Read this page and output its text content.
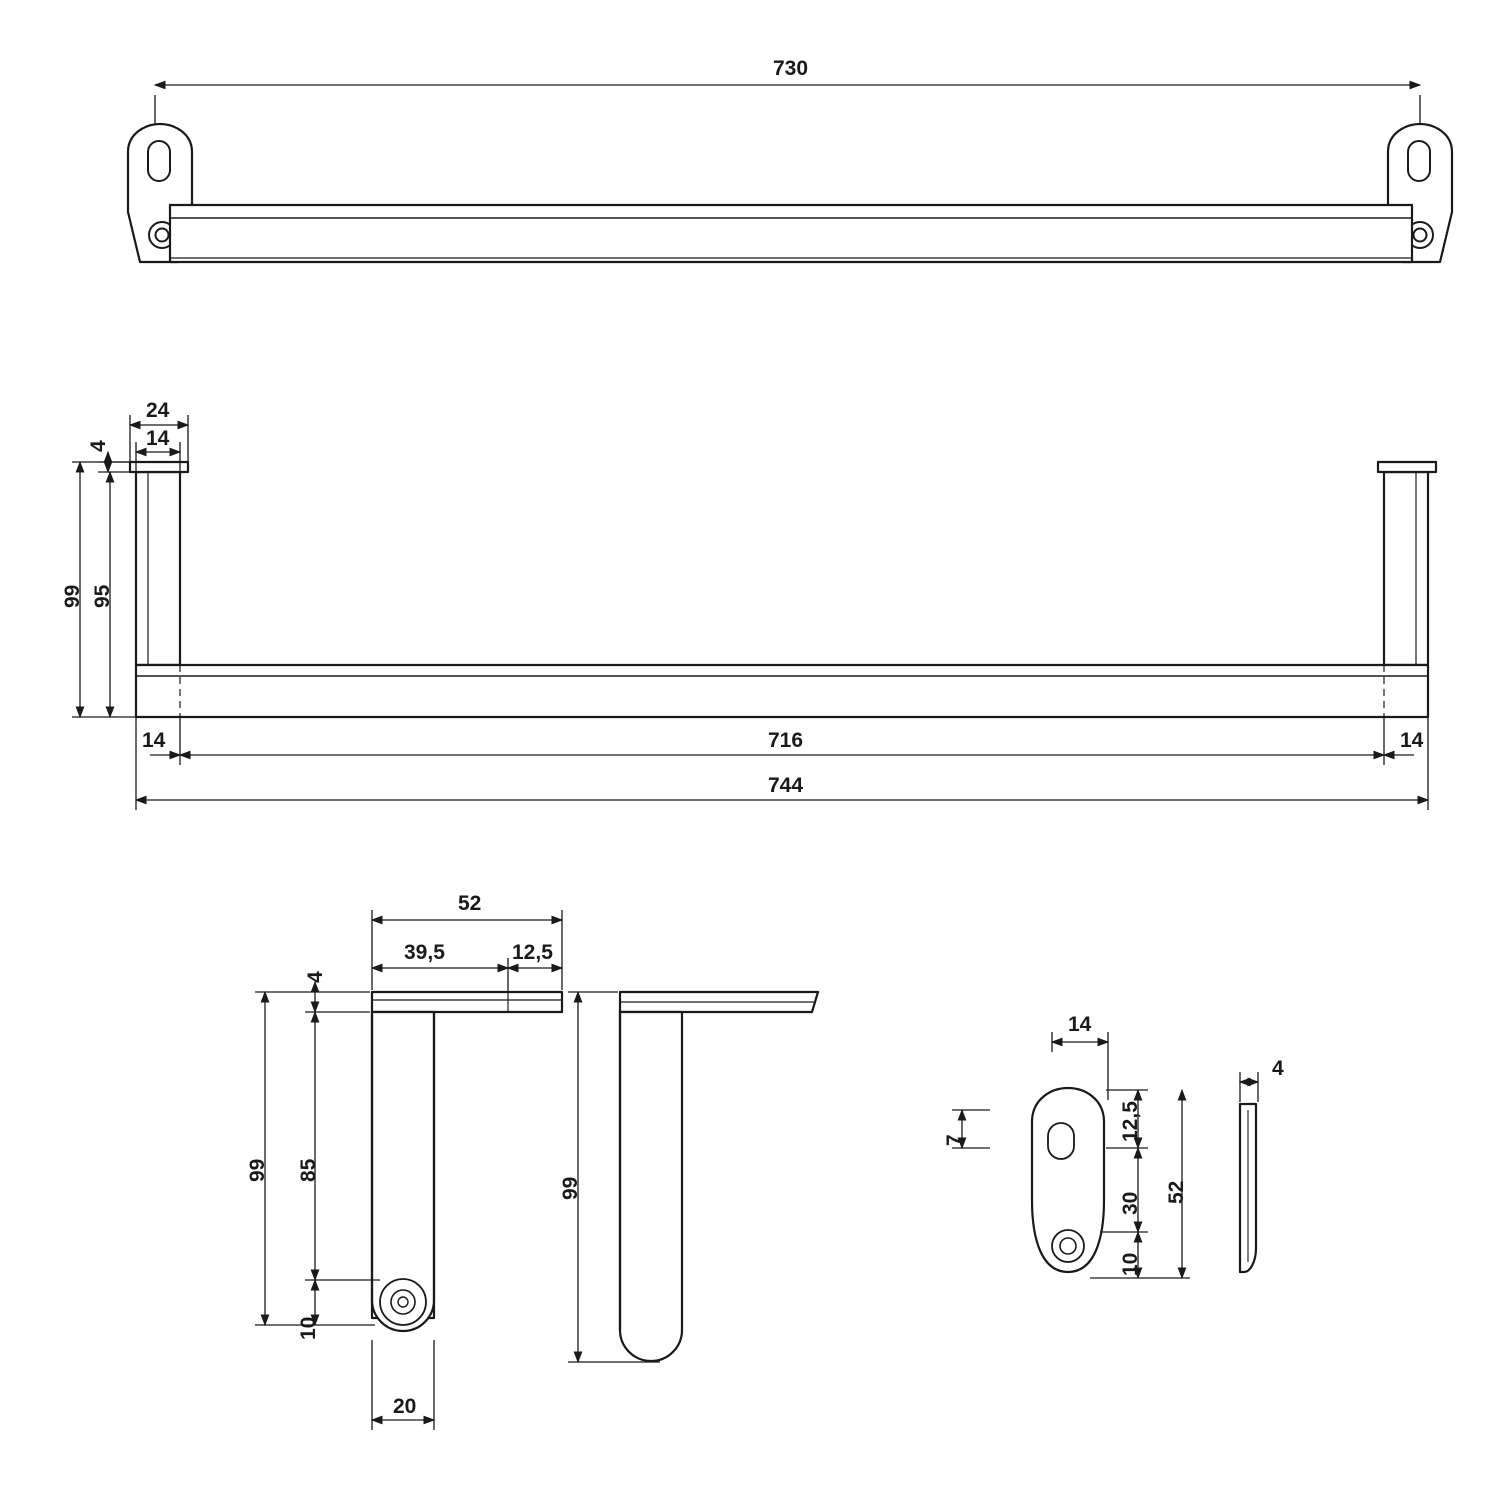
730
24
14
4
99 95
14	716	14
744
52
39,5	12,5
4
99 85
10
20
99
14
4
7	12,5
30
10
52
